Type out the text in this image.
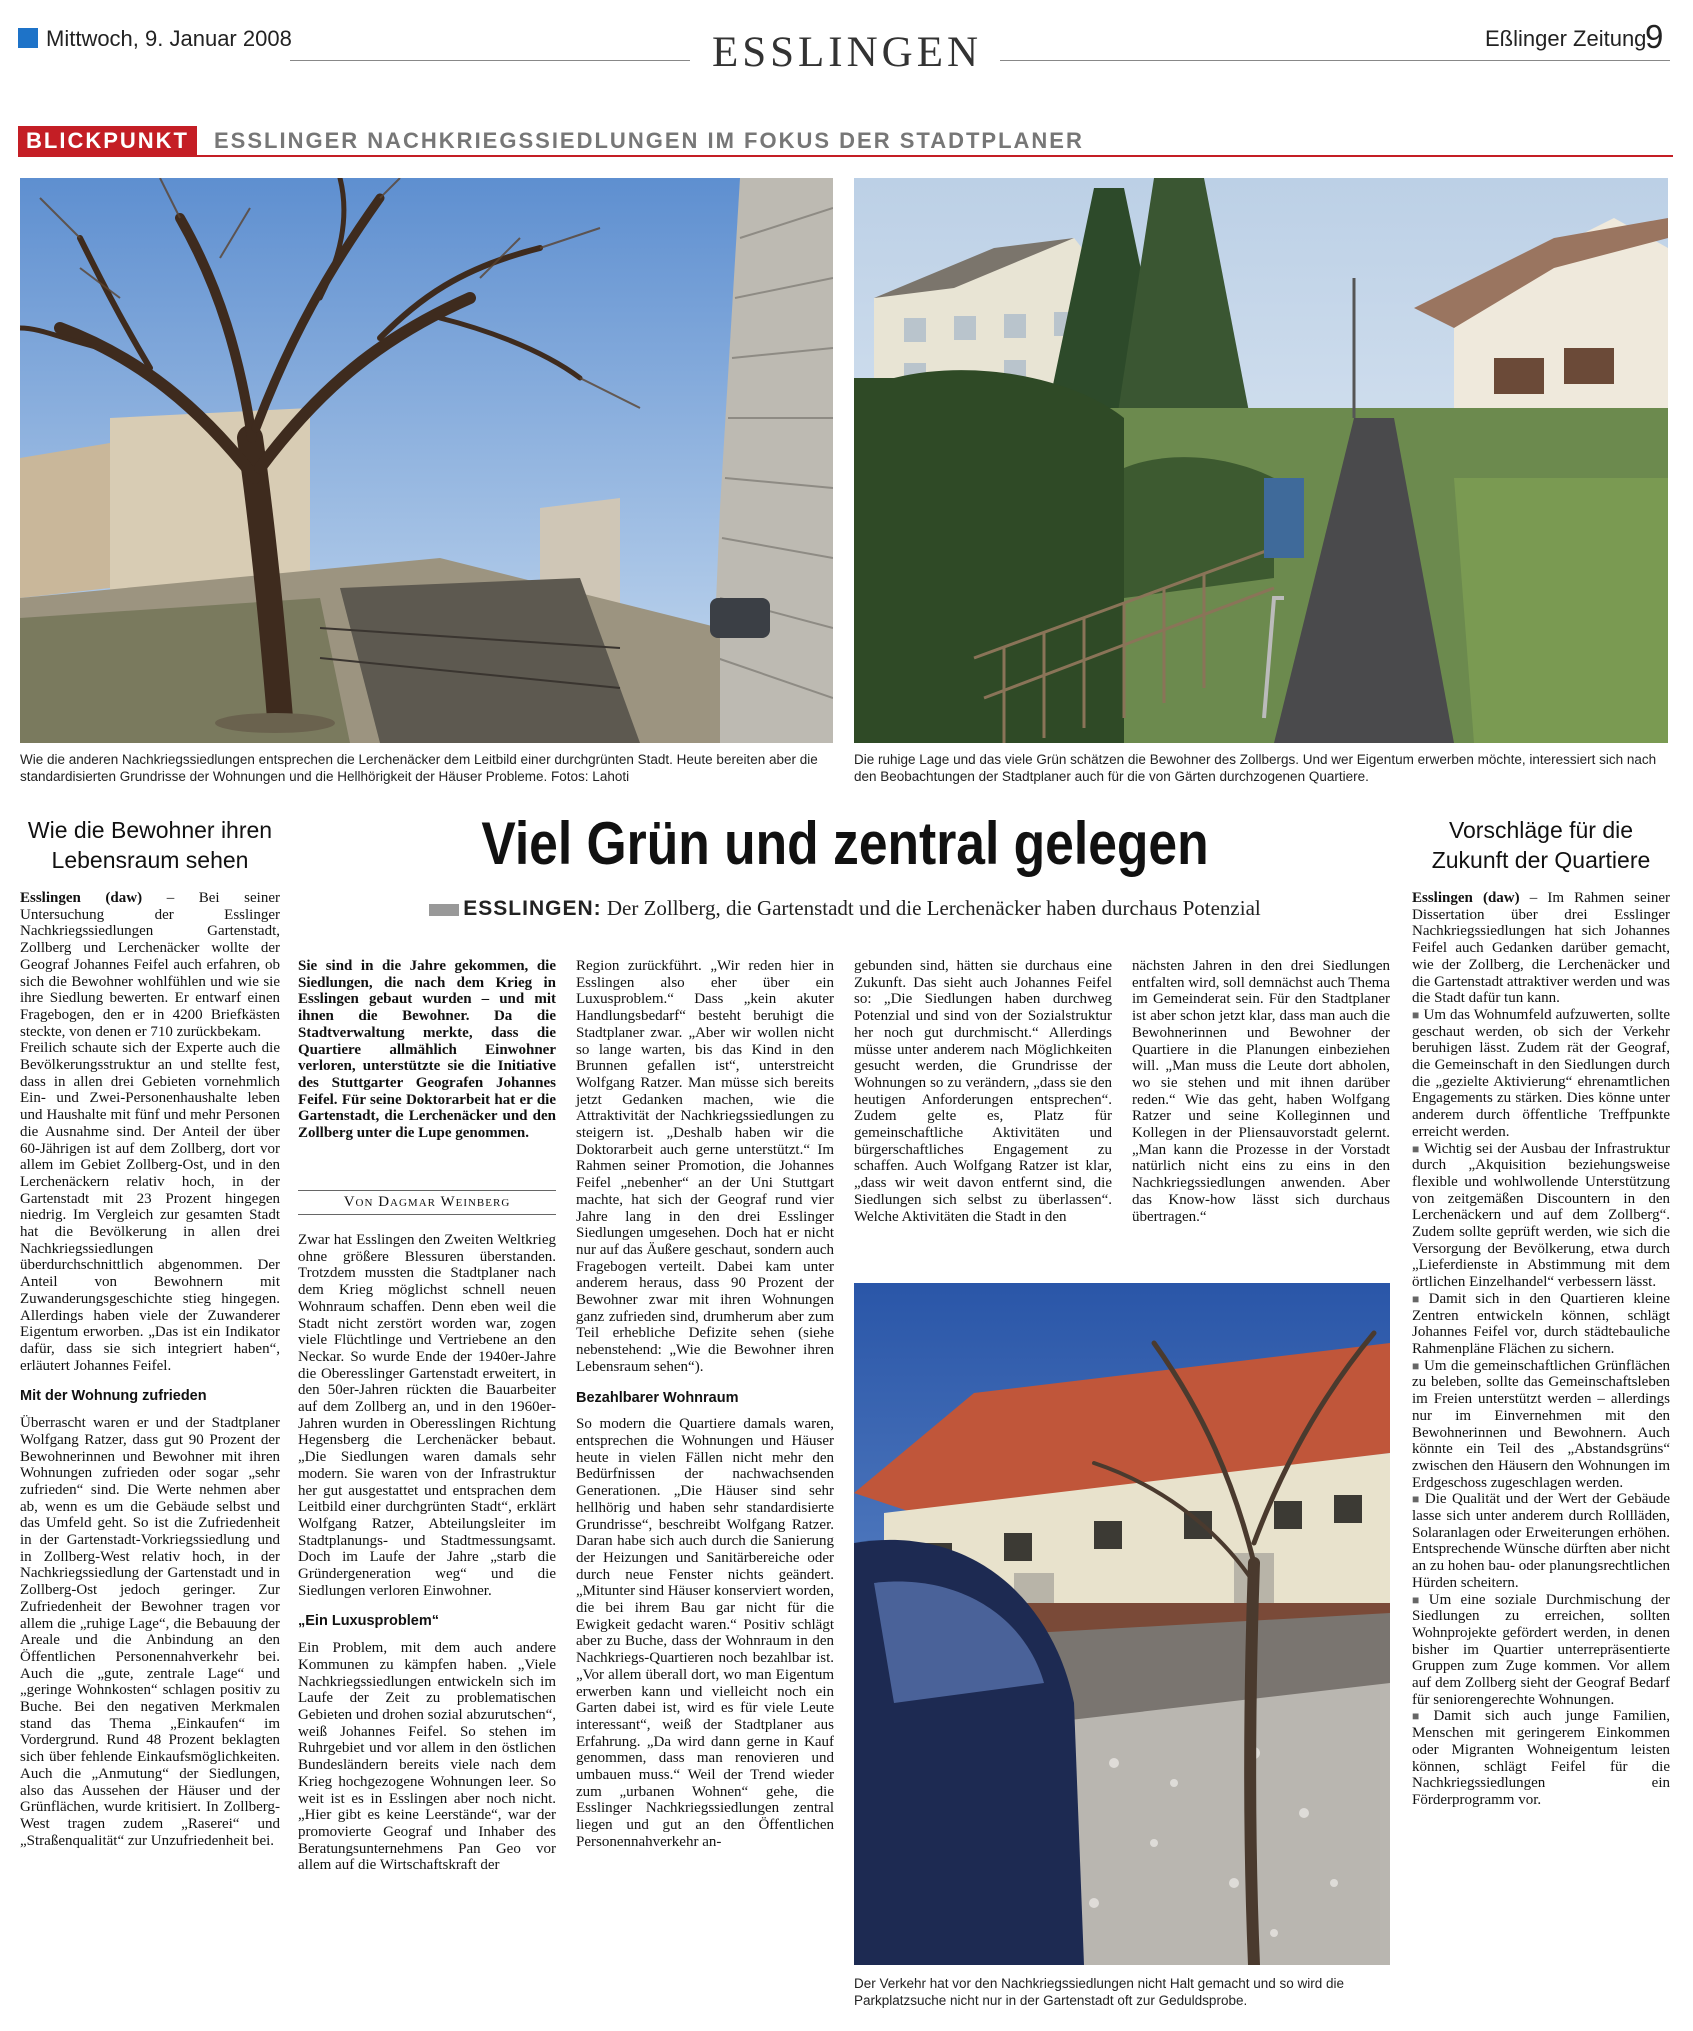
Mittwoch, 9. Januar 2008	ESSLINGEN	Eßlinger Zeitung
9
BLICKPUNKT	ESSLINGER NACHKRIEGSSIEDLUNGEN IM FOKUS DER STADTPLANER
Wie die anderen Nachkriegssiedlungen entsprechen die Lerchenäcker dem Leitbild einer durchgrünten Stadt. Heute bereiten aber die standardisierten Grundrisse der Wohnungen und die Hellhörigkeit der Häuser Probleme. Fotos: Lahoti
Die ruhige Lage und das viele Grün schätzen die Bewohner des Zollbergs. Und wer Eigentum erwerben möchte, interessiert sich nach den Beobachtungen der Stadtplaner auch für die von Gärten durchzogenen Quartiere.
Der Verkehr hat vor den Nachkriegssiedlungen nicht Halt gemacht und so wird die Parkplatzsuche nicht nur in der Gartenstadt oft zur Geduldsprobe.
Wie die Bewohner ihren Lebensraum sehen	Viel Grün und zentral gelegen
ESSLINGEN: Der Zollberg, die Gartenstadt und die Lerchenäcker haben durchaus Potenzial
Vorschläge für die Zukunft der Quartiere

Esslingen (daw) – Bei seiner Untersuchung der Esslinger Nachkriegssiedlungen Gartenstadt, Zollberg und Lerchenäcker wollte der Geograf Johannes Feifel auch erfahren, ob sich die Bewohner wohlfühlen und wie sie ihre Siedlung bewerten. Er entwarf einen Fragebogen, den er in 4200 Briefkästen steckte, von denen er 710 zurückbekam.

Freilich schaute sich der Experte auch die Bevölkerungsstruktur an und stellte fest, dass in allen drei Gebieten vornehmlich Ein- und Zwei-Personenhaushalte leben und Haushalte mit fünf und mehr Personen die Ausnahme sind. Der Anteil der über 60-Jährigen ist auf dem Zollberg, dort vor allem im Gebiet Zollberg-Ost, und in den Lerchenäckern relativ hoch, in der Gartenstadt mit 23 Prozent hingegen niedrig. Im Vergleich zur gesamten Stadt hat die Bevölkerung in allen drei Nachkriegssiedlungen überdurchschnittlich abgenommen. Der Anteil von Bewohnern mit Zuwanderungsgeschichte stieg hingegen. Allerdings haben viele der Zuwanderer Eigentum erworben. „Das ist ein Indikator dafür, dass sie sich integriert haben“, erläutert Johannes Feifel.

Mit der Wohnung zufrieden

Überrascht waren er und der Stadtplaner Wolfgang Ratzer, dass gut 90 Prozent der Bewohnerinnen und Bewohner mit ihren Wohnungen zufrieden oder sogar „sehr zufrieden“ sind. Die Werte nehmen aber ab, wenn es um die Gebäude selbst und das Umfeld geht. So ist die Zufriedenheit in der Gartenstadt-Vorkriegssiedlung und in Zollberg-West relativ hoch, in der Nachkriegssiedlung der Gartenstadt und in Zollberg-Ost jedoch geringer. Zur Zufriedenheit der Bewohner tragen vor allem die „ruhige Lage“, die Bebauung der Areale und die Anbindung an den Öffentlichen Personennahverkehr bei. Auch die „gute, zentrale Lage“ und „geringe Wohnkosten“ schlagen positiv zu Buche. Bei den negativen Merkmalen stand das Thema „Einkaufen“ im Vordergrund. Rund 48 Prozent beklagten sich über fehlende Einkaufsmöglichkeiten. Auch die „Anmutung“ der Siedlungen, also das Aussehen der Häuser und der Grünflächen, wurde kritisiert. In Zollberg-West tragen zudem „Raserei“ und „Straßenqualität“ zur Unzufriedenheit bei.

Sie sind in die Jahre gekommen, die Siedlungen, die nach dem Krieg in Esslingen gebaut wurden – und mit ihnen die Bewohner. Da die Stadtverwaltung merkte, dass die Quartiere allmählich Einwohner verloren, unterstützte sie die Initiative des Stuttgarter Geografen Johannes Feifel. Für seine Doktorarbeit hat er die Gartenstadt, die Lerchenäcker und den Zollberg unter die Lupe genommen.

Von Dagmar Weinberg

Zwar hat Esslingen den Zweiten Weltkrieg ohne größere Blessuren überstanden. Trotzdem mussten die Stadtplaner nach dem Krieg möglichst schnell neuen Wohnraum schaffen. Denn eben weil die Stadt nicht zerstört worden war, zogen viele Flüchtlinge und Vertriebene an den Neckar. So wurde Ende der 1940er-Jahre die Oberesslinger Gartenstadt erweitert, in den 50er-Jahren rückten die Bauarbeiter auf dem Zollberg an, und in den 1960er-Jahren wurden in Oberesslingen Richtung Hegensberg die Lerchenäcker bebaut. „Die Siedlungen waren damals sehr modern. Sie waren von der Infrastruktur her gut ausgestattet und entsprachen dem Leitbild einer durchgrünten Stadt“, erklärt Wolfgang Ratzer, Abteilungsleiter im Stadtplanungs- und Stadtmessungsamt. Doch im Laufe der Jahre „starb die Gründergeneration weg“ und die Siedlungen verloren Einwohner.

„Ein Luxusproblem“

Ein Problem, mit dem auch andere Kommunen zu kämpfen haben. „Viele Nachkriegssiedlungen entwickeln sich im Laufe der Zeit zu problematischen Gebieten und drohen sozial abzurutschen“, weiß Johannes Feifel. So stehen im Ruhrgebiet und vor allem in den östlichen Bundesländern bereits viele nach dem Krieg hochgezogene Wohnungen leer. So weit ist es in Esslingen aber noch nicht. „Hier gibt es keine Leerstände“, war der promovierte Geograf und Inhaber des Beratungsunternehmens Pan Geo vor allem auf die Wirtschaftskraft der

Region zurückführt. „Wir reden hier in Esslingen also eher über ein Luxusproblem.“ Dass „kein akuter Handlungsbedarf“ besteht beruhigt die Stadtplaner zwar. „Aber wir wollen nicht so lange warten, bis das Kind in den Brunnen gefallen ist“, unterstreicht Wolfgang Ratzer. Man müsse sich bereits jetzt Gedanken machen, wie die Attraktivität der Nachkriegssiedlungen zu steigern ist. „Deshalb haben wir die Doktorarbeit auch gerne unterstützt.“ Im Rahmen seiner Promotion, die Johannes Feifel „nebenher“ an der Uni Stuttgart machte, hat sich der Geograf rund vier Jahre lang in den drei Esslinger Siedlungen umgesehen. Doch hat er nicht nur auf das Äußere geschaut, sondern auch Fragebogen verteilt. Dabei kam unter anderem heraus, dass 90 Prozent der Bewohner zwar mit ihren Wohnungen ganz zufrieden sind, drumherum aber zum Teil erhebliche Defizite sehen (siehe nebenstehend: „Wie die Bewohner ihren Lebensraum sehen“).

Bezahlbarer Wohnraum

So modern die Quartiere damals waren, entsprechen die Wohnungen und Häuser heute in vielen Fällen nicht mehr den Bedürfnissen der nachwachsenden Generationen. „Die Häuser sind sehr hellhörig und haben sehr standardisierte Grundrisse“, beschreibt Wolfgang Ratzer. Daran habe sich auch durch die Sanierung der Heizungen und Sanitärbereiche oder durch neue Fenster nichts geändert. „Mitunter sind Häuser konserviert worden, die bei ihrem Bau gar nicht für die Ewigkeit gedacht waren.“ Positiv schlägt aber zu Buche, dass der Wohnraum in den Nachkriegs-Quartieren noch bezahlbar ist. „Vor allem überall dort, wo man Eigentum erwerben kann und vielleicht noch ein Garten dabei ist, wird es für viele Leute interessant“, weiß der Stadtplaner aus Erfahrung. „Da wird dann gerne in Kauf genommen, dass man renovieren und umbauen muss.“ Weil der Trend wieder zum „urbanen Wohnen“ gehe, die Esslinger Nachkriegssiedlungen zentral liegen und gut an den Öffentlichen Personennahverkehr an-

gebunden sind, hätten sie durchaus eine Zukunft. Das sieht auch Johannes Feifel so: „Die Siedlungen haben durchweg Potenzial und sind von der Sozialstruktur her noch gut durchmischt.“ Allerdings müsse unter anderem nach Möglichkeiten gesucht werden, die Grundrisse der Wohnungen so zu verändern, „dass sie den heutigen Anforderungen entsprechen“. Zudem gelte es, Platz für gemeinschaftliche Aktivitäten und bürgerschaftliches Engagement zu schaffen. Auch Wolfgang Ratzer ist klar, „dass wir weit davon entfernt sind, die Siedlungen sich selbst zu überlassen“. Welche Aktivitäten die Stadt in den

nächsten Jahren in den drei Siedlungen entfalten wird, soll demnächst auch Thema im Gemeinderat sein. Für den Stadtplaner ist aber schon jetzt klar, dass man auch die Bewohnerinnen und Bewohner der Quartiere in die Planungen einbeziehen will. „Man muss die Leute dort abholen, wo sie stehen und mit ihnen darüber reden.“ Wie das geht, haben Wolfgang Ratzer und seine Kolleginnen und Kollegen in der Pliensauvorstadt gelernt. „Man kann die Prozesse in der Vorstadt natürlich nicht eins zu eins in den Nachkriegssiedlungen anwenden. Aber das Know-how lässt sich durchaus übertragen.“

Esslingen (daw) – Im Rahmen seiner Dissertation über drei Esslinger Nachkriegssiedlungen hat sich Johannes Feifel auch Gedanken darüber gemacht, wie der Zollberg, die Lerchenäcker und die Gartenstadt attraktiver werden und was die Stadt dafür tun kann.

■ Um das Wohnumfeld aufzuwerten, sollte geschaut werden, ob sich der Verkehr beruhigen lässt. Zudem rät der Geograf, die Gemeinschaft in den Siedlungen durch die „gezielte Aktivierung“ ehrenamtlichen Engagements zu stärken. Dies könne unter anderem durch öffentliche Treffpunkte erreicht werden.

■ Wichtig sei der Ausbau der Infrastruktur durch „Akquisition beziehungsweise flexible und wohlwollende Unterstützung von zeitgemäßen Discountern in den Lerchenäckern und auf dem Zollberg“. Zudem sollte geprüft werden, wie sich die Versorgung der Bevölkerung, etwa durch „Lieferdienste in Abstimmung mit dem örtlichen Einzelhandel“ verbessern lässt.

■ Damit sich in den Quartieren kleine Zentren entwickeln können, schlägt Johannes Feifel vor, durch städtebauliche Rahmenpläne Flächen zu sichern.

■ Um die gemeinschaftlichen Grünflächen zu beleben, sollte das Gemeinschaftsleben im Freien unterstützt werden – allerdings nur im Einvernehmen mit den Bewohnerinnen und Bewohnern. Auch könnte ein Teil des „Abstandsgrüns“ zwischen den Häusern den Wohnungen im Erdgeschoss zugeschlagen werden.

■ Die Qualität und der Wert der Gebäude lasse sich unter anderem durch Rollläden, Solaranlagen oder Erweiterungen erhöhen. Entsprechende Wünsche dürften aber nicht an zu hohen bau- oder planungsrechtlichen Hürden scheitern.

■ Um eine soziale Durchmischung der Siedlungen zu erreichen, sollten Wohnprojekte gefördert werden, in denen bisher im Quartier unterrepräsentierte Gruppen zum Zuge kommen. Vor allem auf dem Zollberg sieht der Geograf Bedarf für seniorengerechte Wohnungen.

■ Damit sich auch junge Familien, Menschen mit geringerem Einkommen oder Migranten Wohneigentum leisten können, schlägt Feifel für die Nachkriegssiedlungen ein Förderprogramm vor.
